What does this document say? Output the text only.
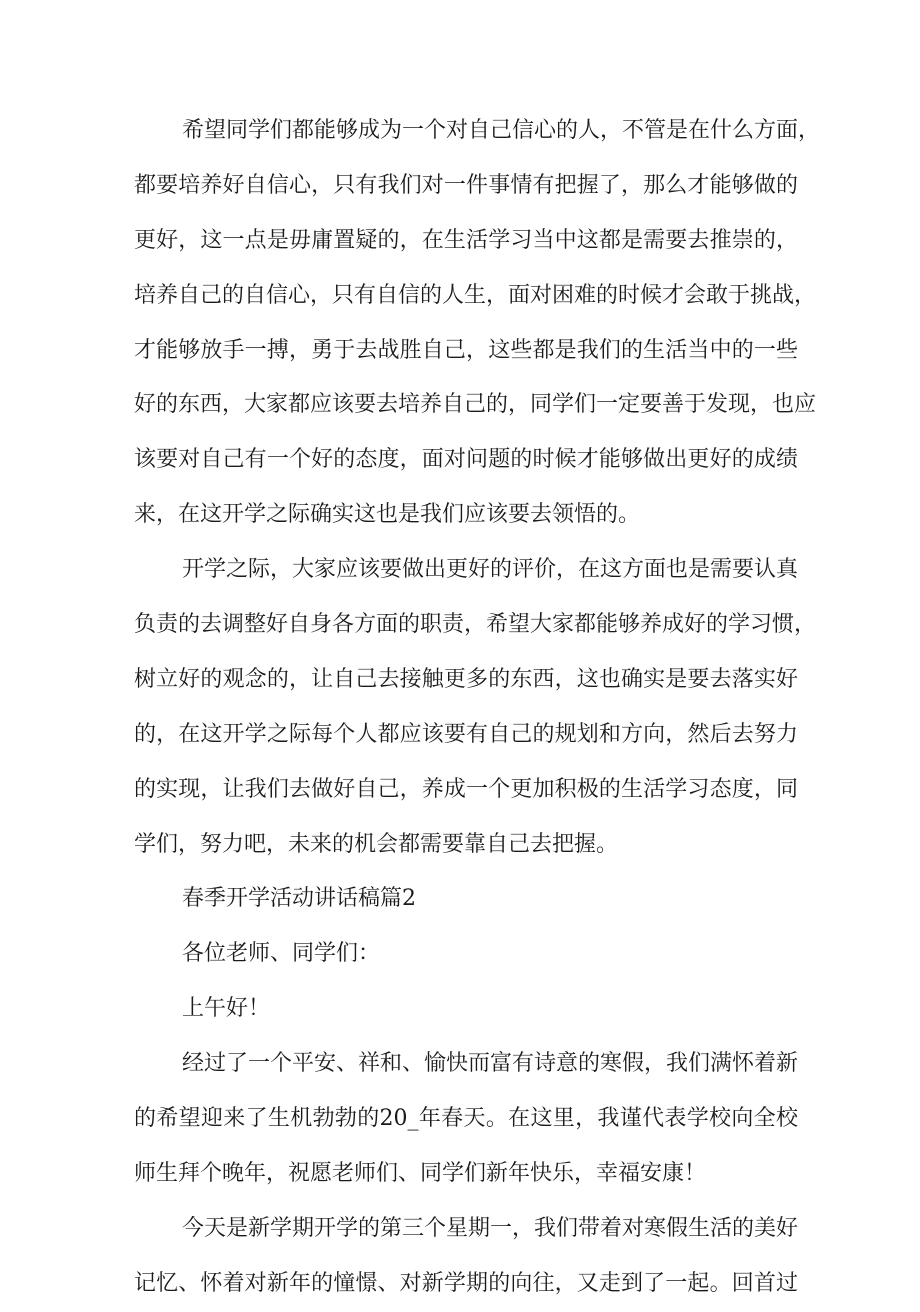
希望同学们都能够成为一个对自己信心的人，不管是在什么方面，
都要培养好自信心，只有我们对一件事情有把握了，那么才能够做的
更好，这一点是毋庸置疑的，在生活学习当中这都是需要去推崇的，
培养自己的自信心，只有自信的人生，面对困难的时候才会敢于挑战，
才能够放手一搏，勇于去战胜自己，这些都是我们的生活当中的一些
好的东西，大家都应该要去培养自己的，同学们一定要善于发现，也应
该要对自己有一个好的态度，面对问题的时候才能够做出更好的成绩
来，在这开学之际确实这也是我们应该要去领悟的。
开学之际，大家应该要做出更好的评价，在这方面也是需要认真
负责的去调整好自身各方面的职责，希望大家都能够养成好的学习惯，
树立好的观念的，让自己去接触更多的东西，这也确实是要去落实好
的，在这开学之际每个人都应该要有自己的规划和方向，然后去努力
的实现，让我们去做好自己，养成一个更加积极的生活学习态度，同
学们，努力吧，未来的机会都需要靠自己去把握。
春季开学活动讲话稿篇2
各位老师、同学们：
上午好！
经过了一个平安、祥和、愉快而富有诗意的寒假，我们满怀着新
的希望迎来了生机勃勃的20_年春天。在这里，我谨代表学校向全校
师生拜个晚年，祝愿老师们、同学们新年快乐，幸福安康！
今天是新学期开学的第三个星期一，我们带着对寒假生活的美好
记忆、怀着对新年的憧憬、对新学期的向往，又走到了一起。回首过
